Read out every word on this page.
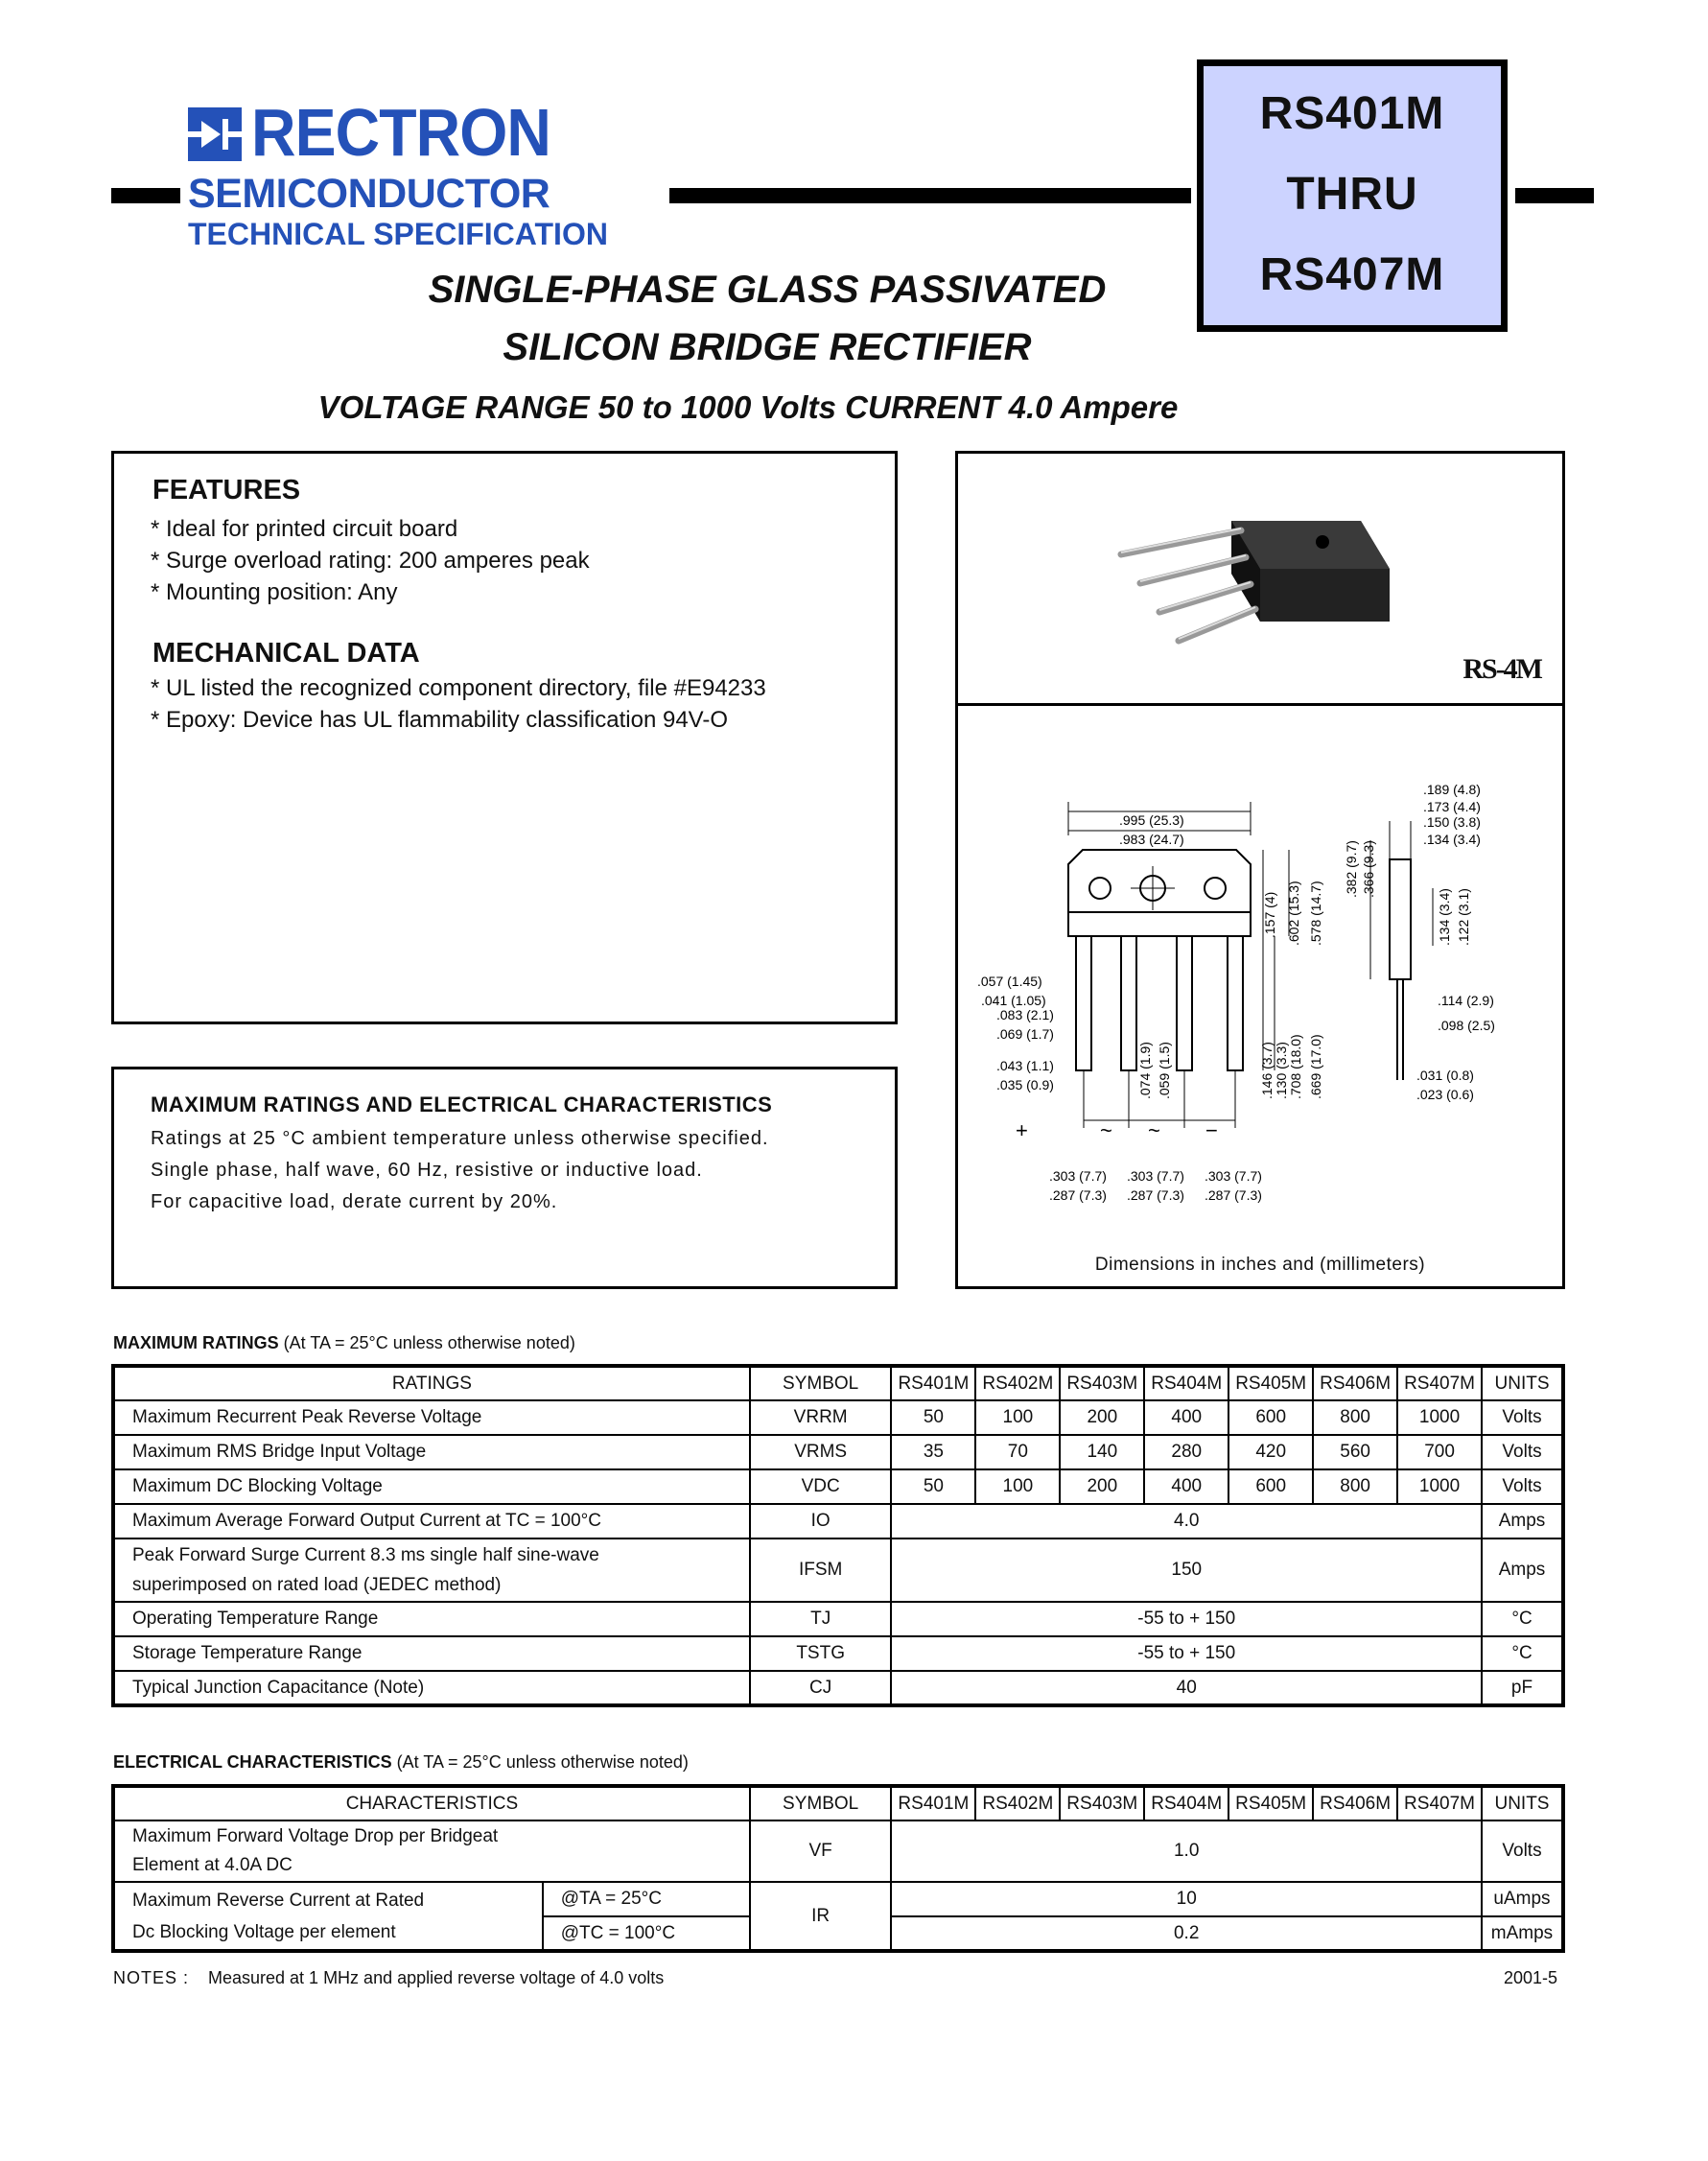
RECTRON
SEMICONDUCTOR
TECHNICAL SPECIFICATION
RS401M
THRU
RS407M
SINGLE-PHASE GLASS PASSIVATED
SILICON BRIDGE RECTIFIER
VOLTAGE RANGE 50 to 1000 Volts CURRENT 4.0 Ampere
FEATURES
* Ideal for printed circuit board
* Surge overload rating: 200 amperes peak
* Mounting position: Any
MECHANICAL DATA
* UL listed the recognized component directory, file #E94233
* Epoxy: Device has UL flammability classification 94V-O
MAXIMUM RATINGS AND ELECTRICAL CHARACTERISTICS
Ratings at 25 °C ambient temperature unless otherwise specified.
Single phase, half wave, 60 Hz, resistive or inductive load.
For capacitive load, derate current by 20%.
RS-4M
.995 (25.3)
.983 (24.7)
.057 (1.45)
.041 (1.05)
.083 (2.1)
.069 (1.7)
.043 (1.1)
.035 (0.9)
+	~ ~ −
.303 (7.7)
.287 (7.3)
.303 (7.7)
.287 (7.3)
.303 (7.7)
.287 (7.3)
.157 (4) .602 (15.3) .578 (14.7)
.074 (1.9) .059 (1.5)	.146 (3.7) .130 (3.3) .708 (18.0) .669 (17.0)
.189 (4.8)
.173 (4.4)
.150 (3.8)
.134 (3.4)
.382 (9.7) .366 (9.3)
.134 (3.4) .122 (3.1)
.114 (2.9)
.098 (2.5)
.031 (0.8)
.023 (0.6)
Dimensions in inches and (millimeters)
MAXIMUM RATINGS (At TA = 25°C unless otherwise noted)
RATINGS	SYMBOL	RS401M	RS402M	RS403M	RS404M	RS405M	RS406M	RS407M	UNITS
Maximum Recurrent Peak Reverse Voltage	VRRM	50	100	200	400	600	800	1000	Volts
Maximum RMS Bridge Input Voltage	VRMS	35	70	140	280	420	560	700	Volts
Maximum DC Blocking Voltage	VDC	50	100	200	400	600	800	1000	Volts
Maximum Average Forward Output Current at TC = 100°C	IO	4.0							Amps
Peak Forward Surge Current 8.3 ms single half sine-wave
superimposed on rated load (JEDEC method)	IFSM	150							Amps
Operating Temperature Range	TJ	-55 to + 150							°C
Storage Temperature Range	TSTG	-55 to + 150							°C
Typical Junction Capacitance (Note)	CJ	40							pF
ELECTRICAL CHARACTERISTICS (At TA = 25°C unless otherwise noted)
CHARACTERISTICS		SYMBOL	RS401M	RS402M	RS403M	RS404M	RS405M	RS406M	RS407M	UNITS
Maximum Forward Voltage Drop per Bridgeat
Element at 4.0A DC		VF	1.0							Volts
Maximum Reverse Current at Rated
Dc Blocking Voltage per element	@TA = 25°C	IR	10							uAmps
	@TC = 100°C		0.2							mAmps
NOTES : Measured at 1 MHz and applied reverse voltage of 4.0 volts	2001-5
